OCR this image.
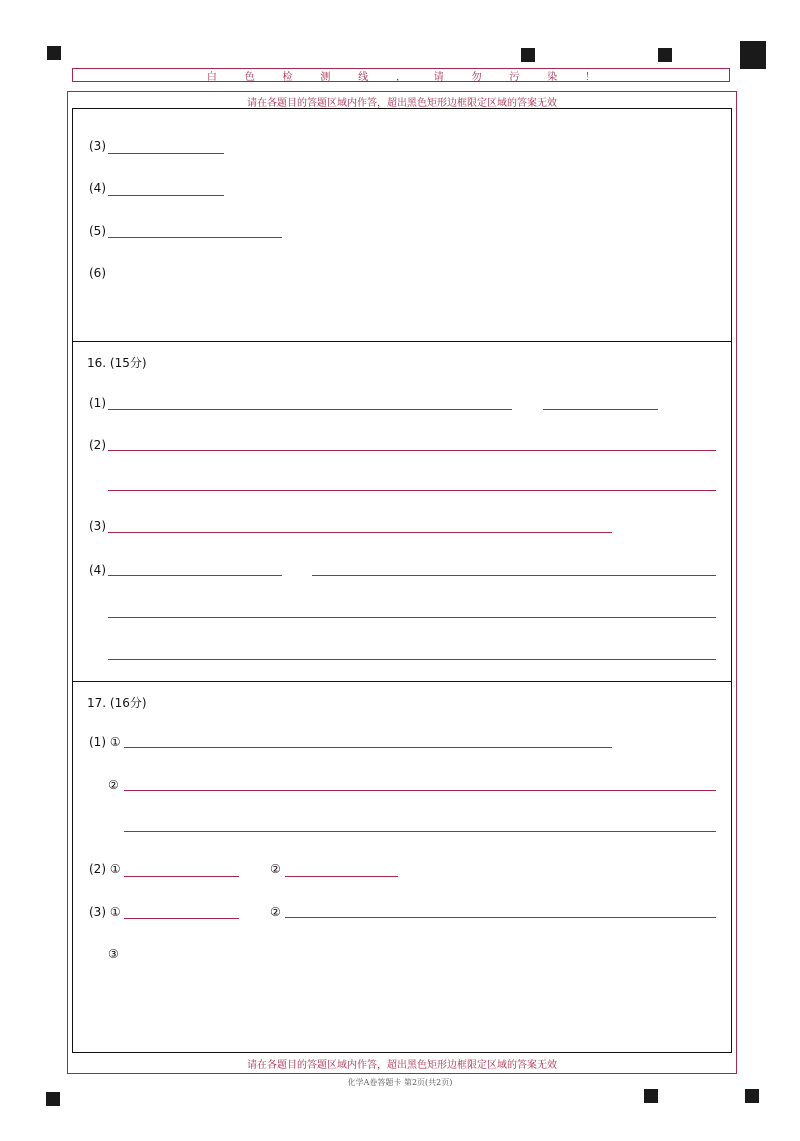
白	色	检	测	线	，	请	勿	污	染	！
请在各题目的答题区域内作答，超出黑色矩形边框限定区域的答案无效
请在各题目的答题区域内作答，超出黑色矩形边框限定区域的答案无效
(3)
(4)
(5)
(6)
16. (15分)
(1)
(2)
(3)
(4)
17. (16分)
(1) ①
②
(2) ①	②
(3) ①	②
③
化学A卷答题卡 第2页(共2页)
